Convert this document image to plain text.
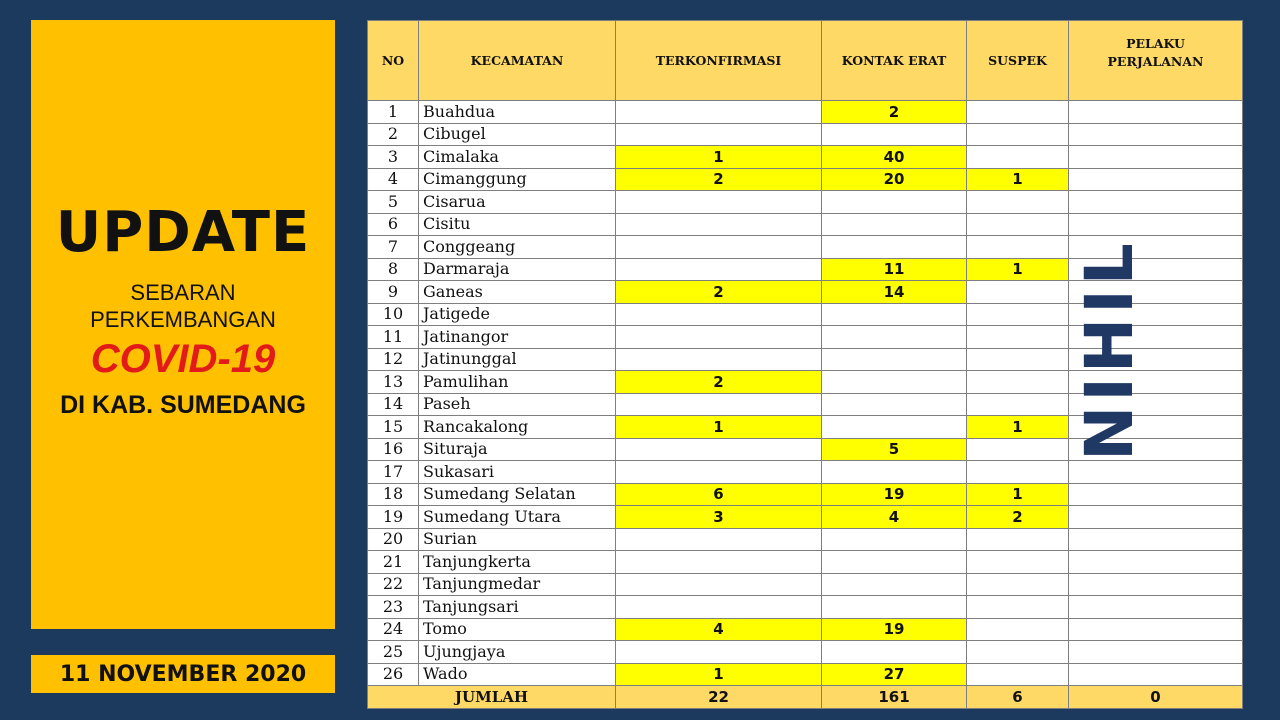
UPDATE
SEBARAN
PERKEMBANGAN
COVID-19
DI KAB. SUMEDANG
11 NOVEMBER 2020
NO	KECAMATAN	TERKONFIRMASI	KONTAK ERAT	SUSPEK	PELAKU
PERJALANAN

1	Buahdua		2		
2	Cibugel				
3	Cimalaka	1	40		
4	Cimanggung	2	20	1	
5	Cisarua				
6	Cisitu				
7	Conggeang				
8	Darmaraja		11	1	
9	Ganeas	2	14		
10	Jatigede				
11	Jatinangor				
12	Jatinunggal				
13	Pamulihan	2			
14	Paseh				
15	Rancakalong	1		1	
16	Situraja		5		
17	Sukasari				
18	Sumedang Selatan	6	19	1	
19	Sumedang Utara	3	4	2	
20	Surian				
21	Tanjungkerta				
22	Tanjungmedar				
23	Tanjungsari				
24	Tomo	4	19		
25	Ujungjaya				
26	Wado	1	27		
JUMLAH		22	161	6	0
NIHIL
